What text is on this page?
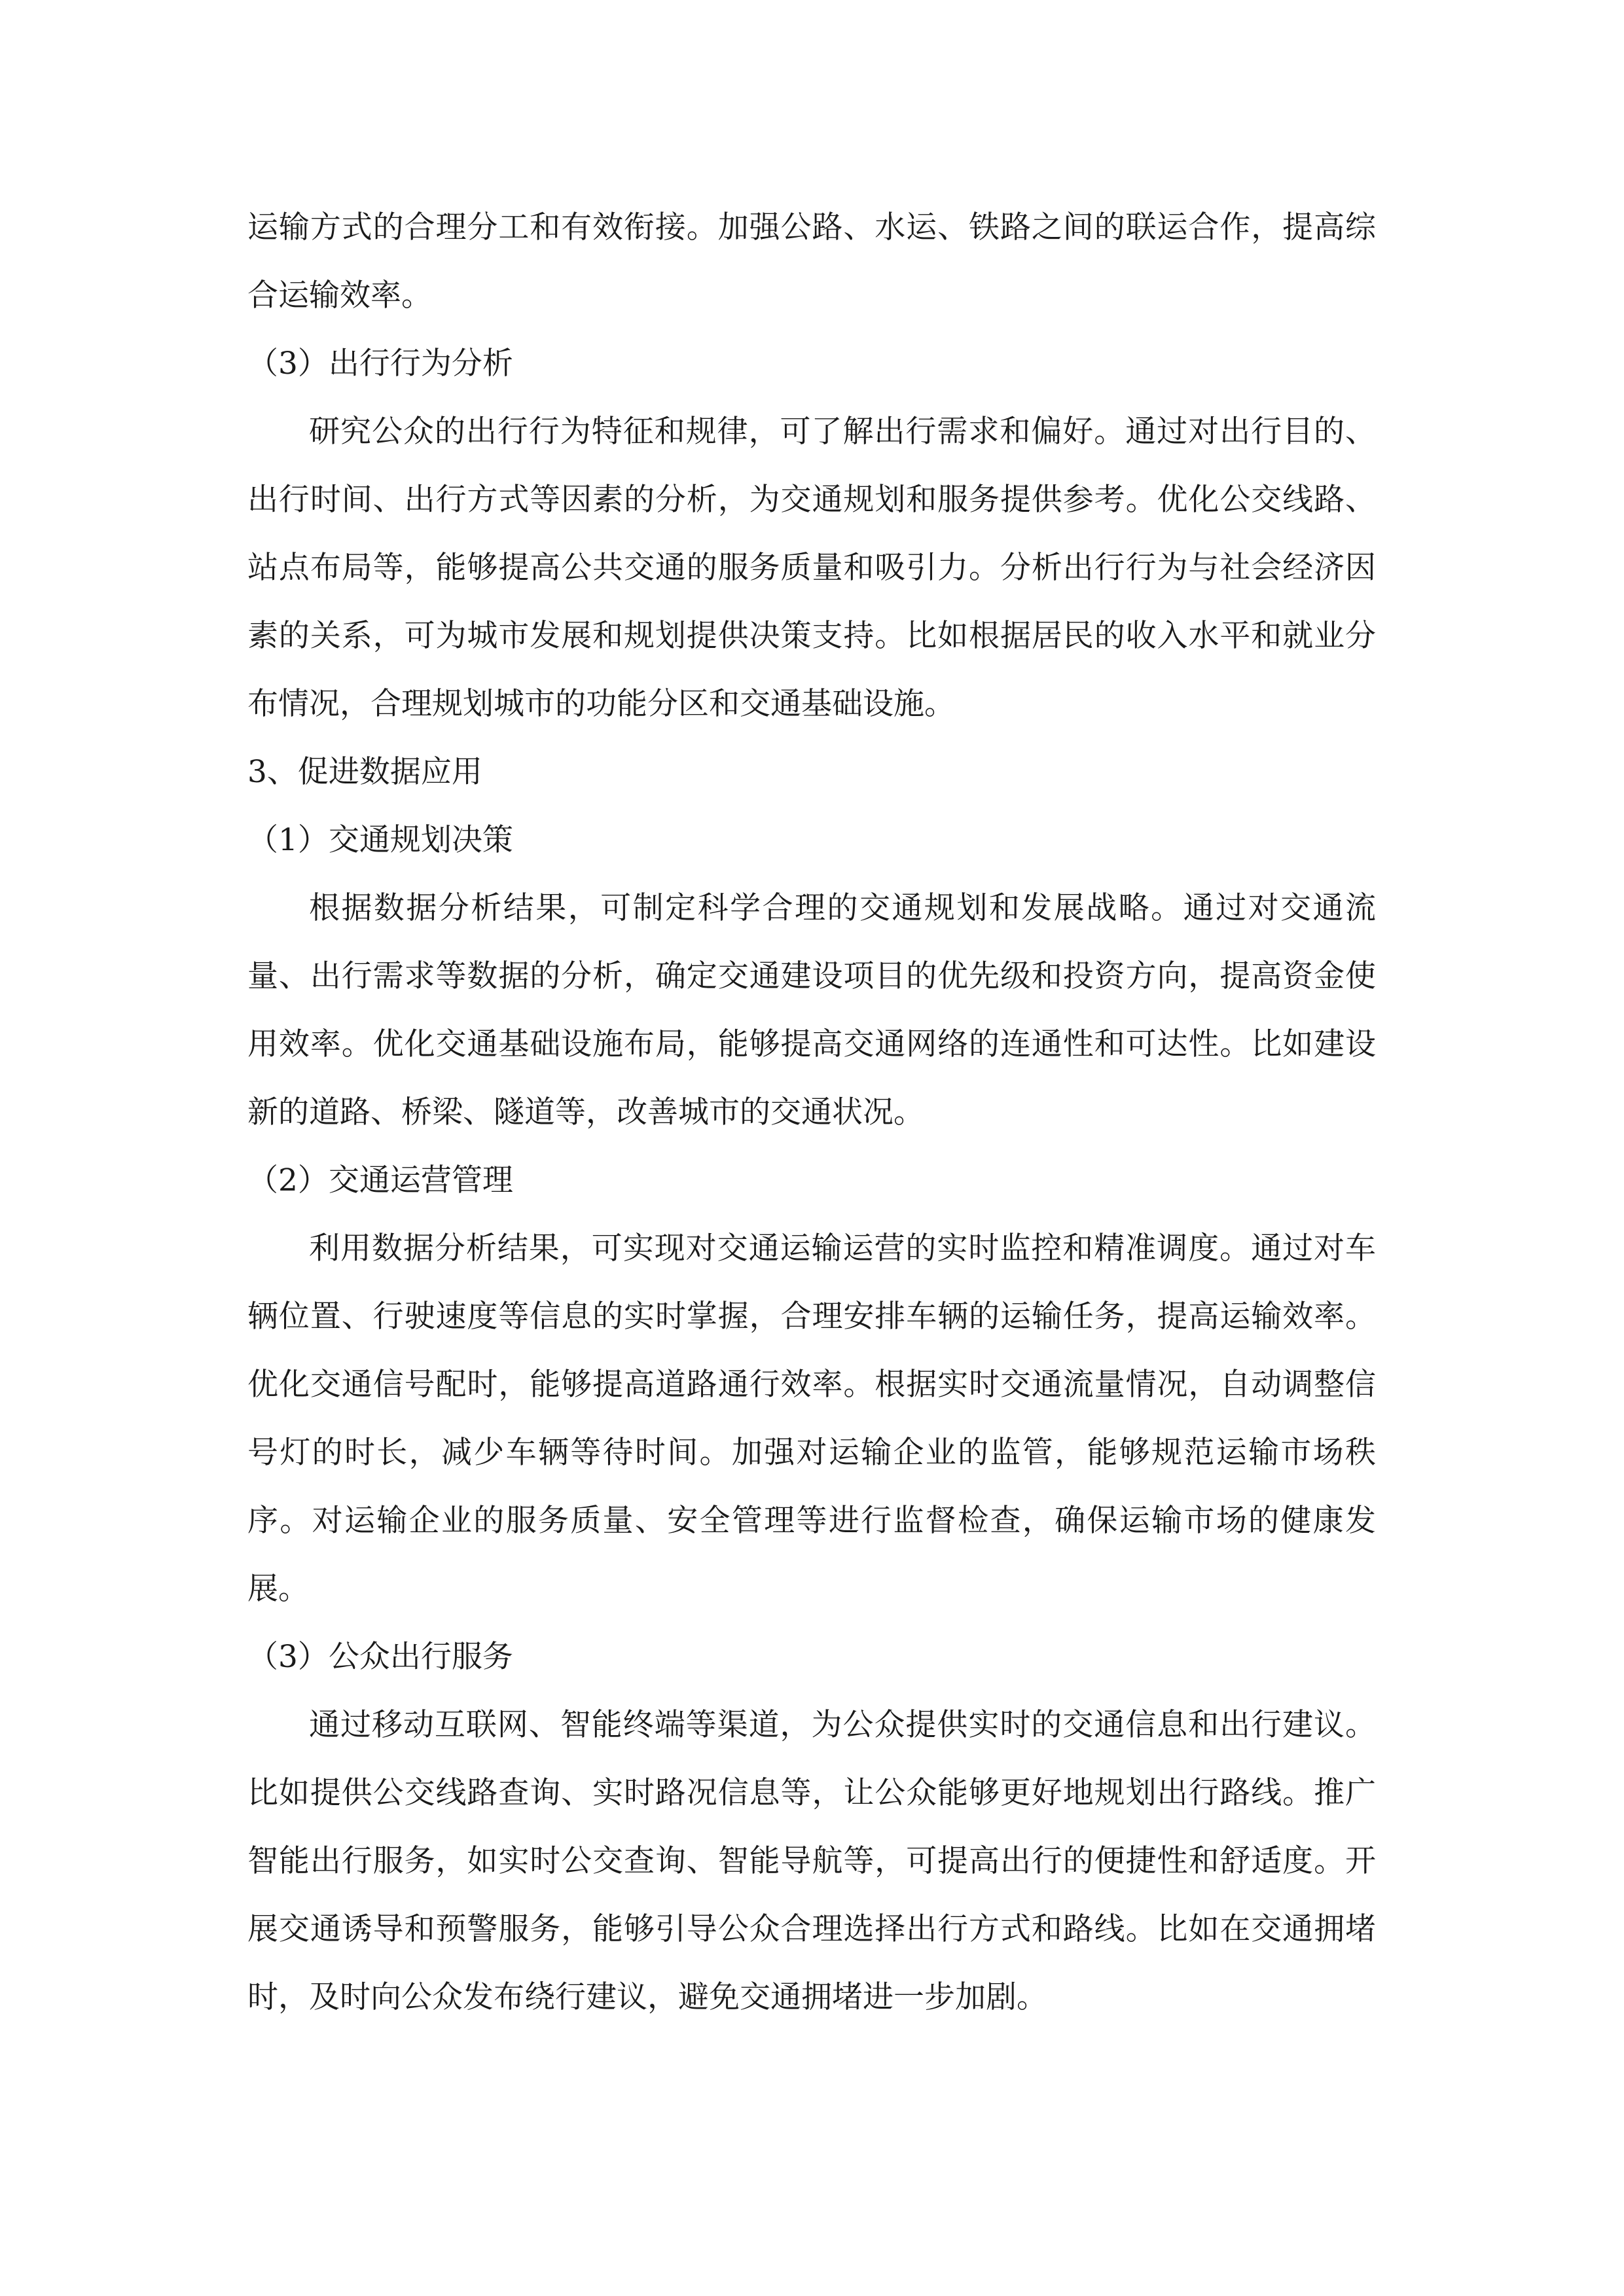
运输方式的合理分工和有效衔接。加强公路、水运、铁路之间的联运合作，提高综合运输效率。

（3）出行行为分析

研究公众的出行行为特征和规律，可了解出行需求和偏好。通过对出行目的、出行时间、出行方式等因素的分析，为交通规划和服务提供参考。优化公交线路、站点布局等，能够提高公共交通的服务质量和吸引力。分析出行行为与社会经济因素的关系，可为城市发展和规划提供决策支持。比如根据居民的收入水平和就业分布情况，合理规划城市的功能分区和交通基础设施。

3、促进数据应用

（1）交通规划决策

根据数据分析结果，可制定科学合理的交通规划和发展战略。通过对交通流量、出行需求等数据的分析，确定交通建设项目的优先级和投资方向，提高资金使用效率。优化交通基础设施布局，能够提高交通网络的连通性和可达性。比如建设新的道路、桥梁、隧道等，改善城市的交通状况。

（2）交通运营管理

利用数据分析结果，可实现对交通运输运营的实时监控和精准调度。通过对车辆位置、行驶速度等信息的实时掌握，合理安排车辆的运输任务，提高运输效率。优化交通信号配时，能够提高道路通行效率。根据实时交通流量情况，自动调整信号灯的时长，减少车辆等待时间。加强对运输企业的监管，能够规范运输市场秩序。对运输企业的服务质量、安全管理等进行监督检查，确保运输市场的健康发展。

（3）公众出行服务

通过移动互联网、智能终端等渠道，为公众提供实时的交通信息和出行建议。比如提供公交线路查询、实时路况信息等，让公众能够更好地规划出行路线。推广智能出行服务，如实时公交查询、智能导航等，可提高出行的便捷性和舒适度。开展交通诱导和预警服务，能够引导公众合理选择出行方式和路线。比如在交通拥堵时，及时向公众发布绕行建议，避免交通拥堵进一步加剧。
